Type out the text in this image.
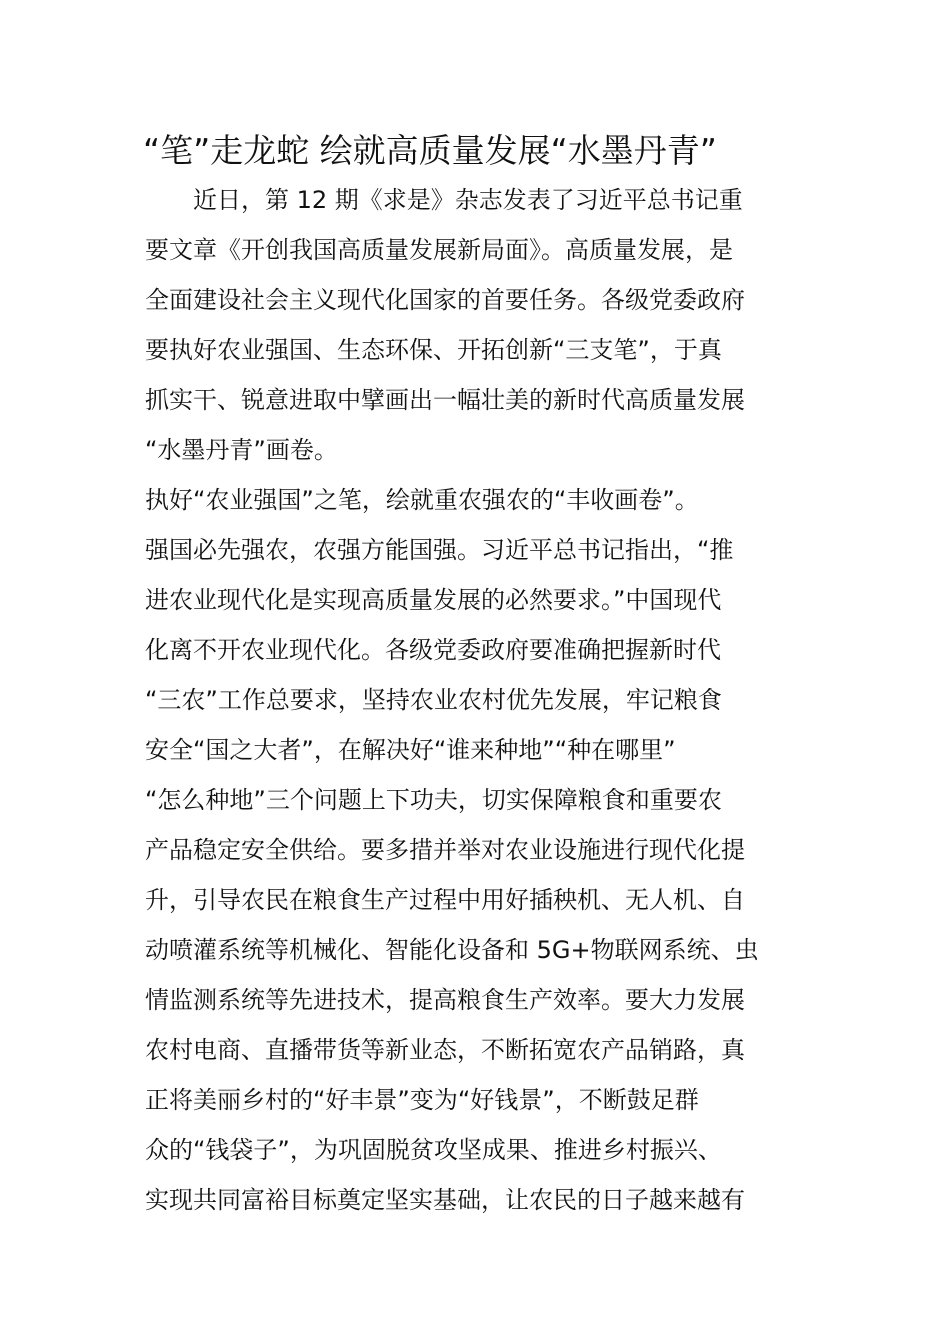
“笔”走龙蛇 绘就高质量发展“水墨丹青”

　　近日，第 12 期《求是》杂志发表了习近平总书记重

要文章《开创我国高质量发展新局面》。高质量发展，是

全面建设社会主义现代化国家的首要任务。各级党委政府

要执好农业强国、生态环保、开拓创新“三支笔”，于真

抓实干、锐意进取中擘画出一幅壮美的新时代高质量发展

“水墨丹青”画卷。

执好“农业强国”之笔，绘就重农强农的“丰收画卷”。

强国必先强农，农强方能国强。习近平总书记指出，“推

进农业现代化是实现高质量发展的必然要求。”中国现代

化离不开农业现代化。各级党委政府要准确把握新时代

“三农”工作总要求，坚持农业农村优先发展，牢记粮食

安全“国之大者”，在解决好“谁来种地”“种在哪里”

“怎么种地”三个问题上下功夫，切实保障粮食和重要农

产品稳定安全供给。要多措并举对农业设施进行现代化提

升，引导农民在粮食生产过程中用好插秧机、无人机、自

动喷灌系统等机械化、智能化设备和 5G+物联网系统、虫

情监测系统等先进技术，提高粮食生产效率。要大力发展

农村电商、直播带货等新业态，不断拓宽农产品销路，真

正将美丽乡村的“好丰景”变为“好钱景”，不断鼓足群

众的“钱袋子”，为巩固脱贫攻坚成果、推进乡村振兴、

实现共同富裕目标奠定坚实基础，让农民的日子越来越有
